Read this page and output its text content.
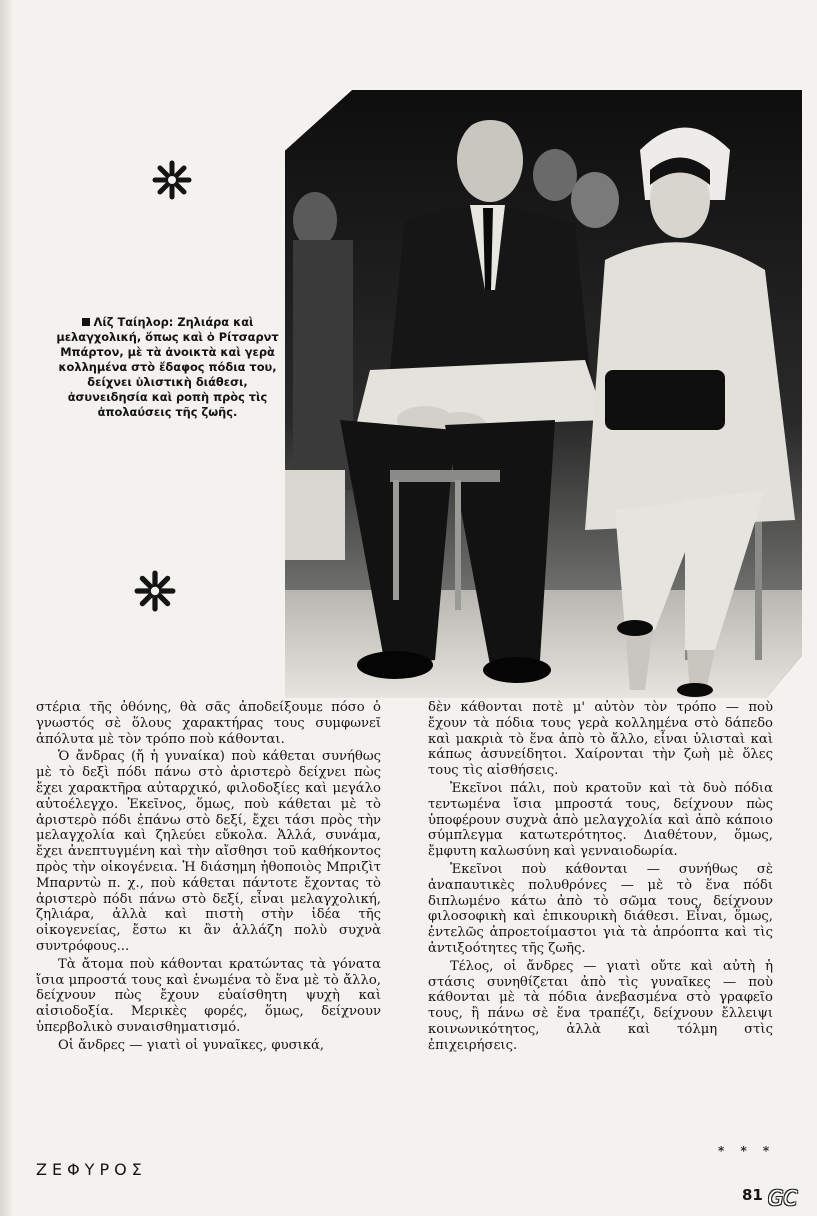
Λίζ Ταίηλορ: Ζηλιάρα καὶ μελαγχολική, ὅπως καὶ ὁ Ρίτσαρντ Μπάρτον, μὲ τὰ ἀνοικτὰ καὶ γερὰ κολλημένα στὸ ἔδαφος πόδια του, δείχνει ὑλιστικὴ διάθεσι, ἀσυνειδησία καὶ ροπὴ πρὸς τὶς ἀπολαύσεις τῆς ζωῆς.

στέρια τῆς ὀθόνης, θὰ σᾶς ἀποδείξουμε πόσο ὁ γνωστός σὲ ὅλους χαρακτήρας τους συμφωνεῖ ἀπόλυτα μὲ τὸν τρόπο ποὺ κάθονται.

Ὁ ἄνδρας (ἤ ἡ γυναίκα) ποὺ κάθεται συνήθως μὲ τὸ δεξὶ πόδι πάνω στὸ ἀριστερὸ δείχνει πὼς ἔχει χαρακτῆρα αὐταρχικό, φιλοδοξίες καὶ μεγάλο αὐτοέλεγχο. Ἐκεῖνος, ὅμως, ποὺ κάθεται μὲ τὸ ἀριστερὸ πόδι ἐπάνω στὸ δεξί, ἔχει τάσι πρὸς τὴν μελαγχολία καὶ ζηλεύει εὔκολα. Ἀλλά, συνάμα, ἔχει ἀνεπτυγμένη καὶ τὴν αἴσθησι τοῦ καθήκοντος πρὸς τὴν οἰκογένεια. Ἡ διάσημη ἠθοποιὸς Μπριζὶτ Μπαρντὼ π. χ., ποὺ κάθεται πάντοτε ἔχοντας τὸ ἀριστερὸ πόδι πάνω στὸ δεξί, εἶναι μελαγχολική, ζηλιάρα, ἀλλὰ καὶ πιστὴ στὴν ἰδέα τῆς οἰκογενείας, ἔστω κι ἂν ἀλλάζη πολὺ συχνὰ συντρόφους...

Τὰ ἄτομα ποὺ κάθονται κρατώντας τὰ γόνατα ἴσια μπροστά τους καὶ ἑνωμένα τὸ ἕνα μὲ τὸ ἄλλο, δείχνουν πὼς ἔχουν εὐαίσθητη ψυχὴ καὶ αἰσιοδοξία. Μερικὲς φορές, ὅμως, δείχνουν ὑπερβολικὸ συναισθηματισμό.

Οἱ ἄνδρες — γιατὶ οἱ γυναῖκες, φυσικά,

δὲν κάθονται ποτὲ μ' αὐτὸν τὸν τρόπο — ποὺ ἔχουν τὰ πόδια τους γερὰ κολλημένα στὸ δάπεδο καὶ μακριὰ τὸ ἕνα ἀπὸ τὸ ἄλλο, εἶναι ὑλισταὶ καὶ κάπως ἀσυνείδητοι. Χαίρονται τὴν ζωὴ μὲ ὅλες τους τὶς αἰσθήσεις.

Ἐκεῖνοι πάλι, ποὺ κρατοῦν καὶ τὰ δυὸ πόδια τεντωμένα ἴσια μπροστά τους, δείχνουν πὼς ὑποφέρουν συχνὰ ἀπὸ μελαγχολία καὶ ἀπὸ κάποιο σύμπλεγμα κατωτερότητος. Διαθέτουν, ὅμως, ἔμφυτη καλωσύνη καὶ γενναιοδωρία.

Ἐκεῖνοι ποὺ κάθονται — συνήθως σὲ ἀναπαυτικὲς πολυθρόνες — μὲ τὸ ἕνα πόδι διπλωμένο κάτω ἀπὸ τὸ σῶμα τους, δείχνουν φιλοσοφικὴ καὶ ἐπικουρικὴ διάθεσι. Εἶναι, ὅμως, ἐντελῶς ἀπροετοίμαστοι γιὰ τὰ ἀπρόοπτα καὶ τὶς ἀντιξοότητες τῆς ζωῆς.

Τέλος, οἱ ἄνδρες — γιατὶ οὔτε καὶ αὐτὴ ἡ στάσις συνηθίζεται ἀπὸ τὶς γυναῖκες — ποὺ κάθονται μὲ τὰ πόδια ἀνεβασμένα στὸ γραφεῖο τους, ἢ πάνω σὲ ἕνα τραπέζι, δείχνουν ἔλλειψι κοινωνικότητος, ἀλλὰ καὶ τόλμη στὶς ἐπιχειρήσεις.

* * *
ΖΕΦΥΡΟΣ
81 GC
